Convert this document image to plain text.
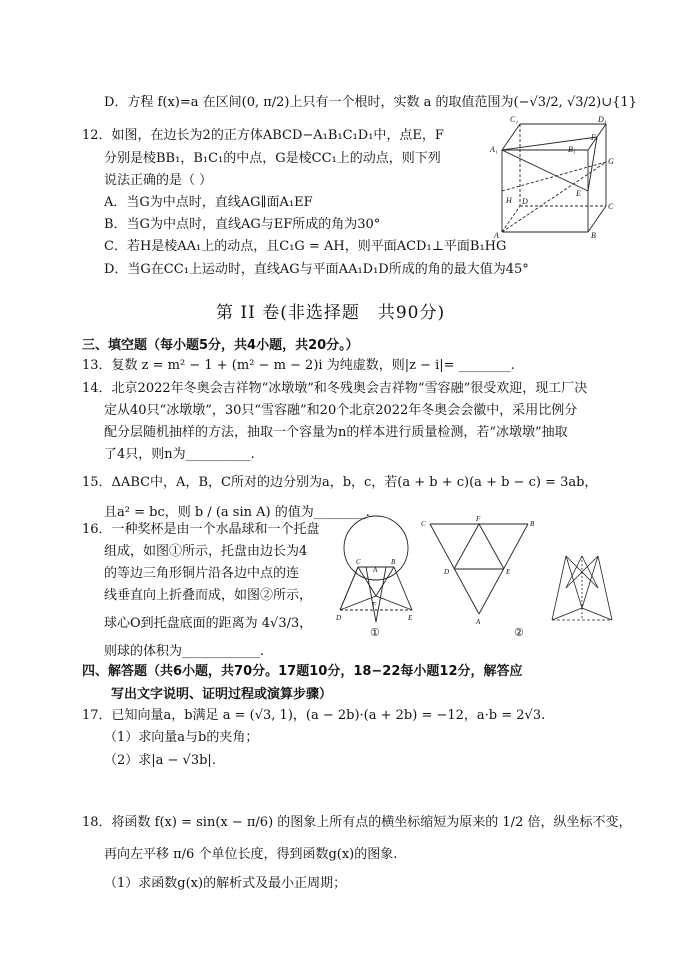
D．方程 f(x)=a 在区间(0, π/2)上只有一个根时，实数 a 的取值范围为(−√3/2, √3/2)∪{1}
12．如图，在边长为2的正方体ABCD−A₁B₁C₁D₁中，点E，F
分别是棱BB₁，B₁C₁的中点，G是棱CC₁上的动点，则下列
说法正确的是（ ）
A．当G为中点时，直线AG∥面A₁EF
B．当G为中点时，直线AG与EF所成的角为30°
C．若H是棱AA₁上的动点，且C₁G = AH，则平面ACD₁⊥平面B₁HG
D．当G在CC₁上运动时，直线AG与平面AA₁D₁D所成的角的最大值为45°
C₁	D₁
A₁	B₁
F
G
E
H D
C
A	B
第 II 卷(非选择题　共90分)
三、填空题（每小题5分，共4小题，共20分。）
13．复数 z = m² − 1 + (m² − m − 2)i 为纯虚数，则|z − i|= ________.
14．北京2022年冬奥会吉祥物“冰墩墩”和冬残奥会吉祥物“雪容融”很受欢迎，现工厂决
定从40只“冰墩墩”，30只“雪容融”和20个北京2022年冬奥会会徽中，采用比例分
配分层随机抽样的方法，抽取一个容量为n的样本进行质量检测，若“冰墩墩”抽取
了4只，则n为__________.
15．ΔABC中，A，B，C所对的边分别为a，b，c，若(a + b + c)(a + b − c) = 3ab，
且a² = bc，则 b / (a sin A) 的值为________.
16．一种奖杯是由一个水晶球和一个托盘
组成，如图①所示，托盘由边长为4
的等边三角形铜片沿各边中点的连
线垂直向上折叠而成，如图②所示，
球心O到托盘底面的距离为 4√3/3，
则球的体积为____________.
C
A
B
D
F
E
①
C
F
B
D	E
A
②
四、解答题（共6小题，共70分。17题10分，18−22每小题12分，解答应
写出文字说明、证明过程或演算步骤）
17．已知向量a，b满足 a = (√3, 1)，(a − 2b)·(a + 2b) = −12，a·b = 2√3.
（1）求向量a与b的夹角；
（2）求|a − √3b|.
18．将函数 f(x) = sin(x − π/6) 的图象上所有点的横坐标缩短为原来的 1/2 倍，纵坐标不变，
再向左平移 π/6 个单位长度，得到函数g(x)的图象.
（1）求函数g(x)的解析式及最小正周期；
